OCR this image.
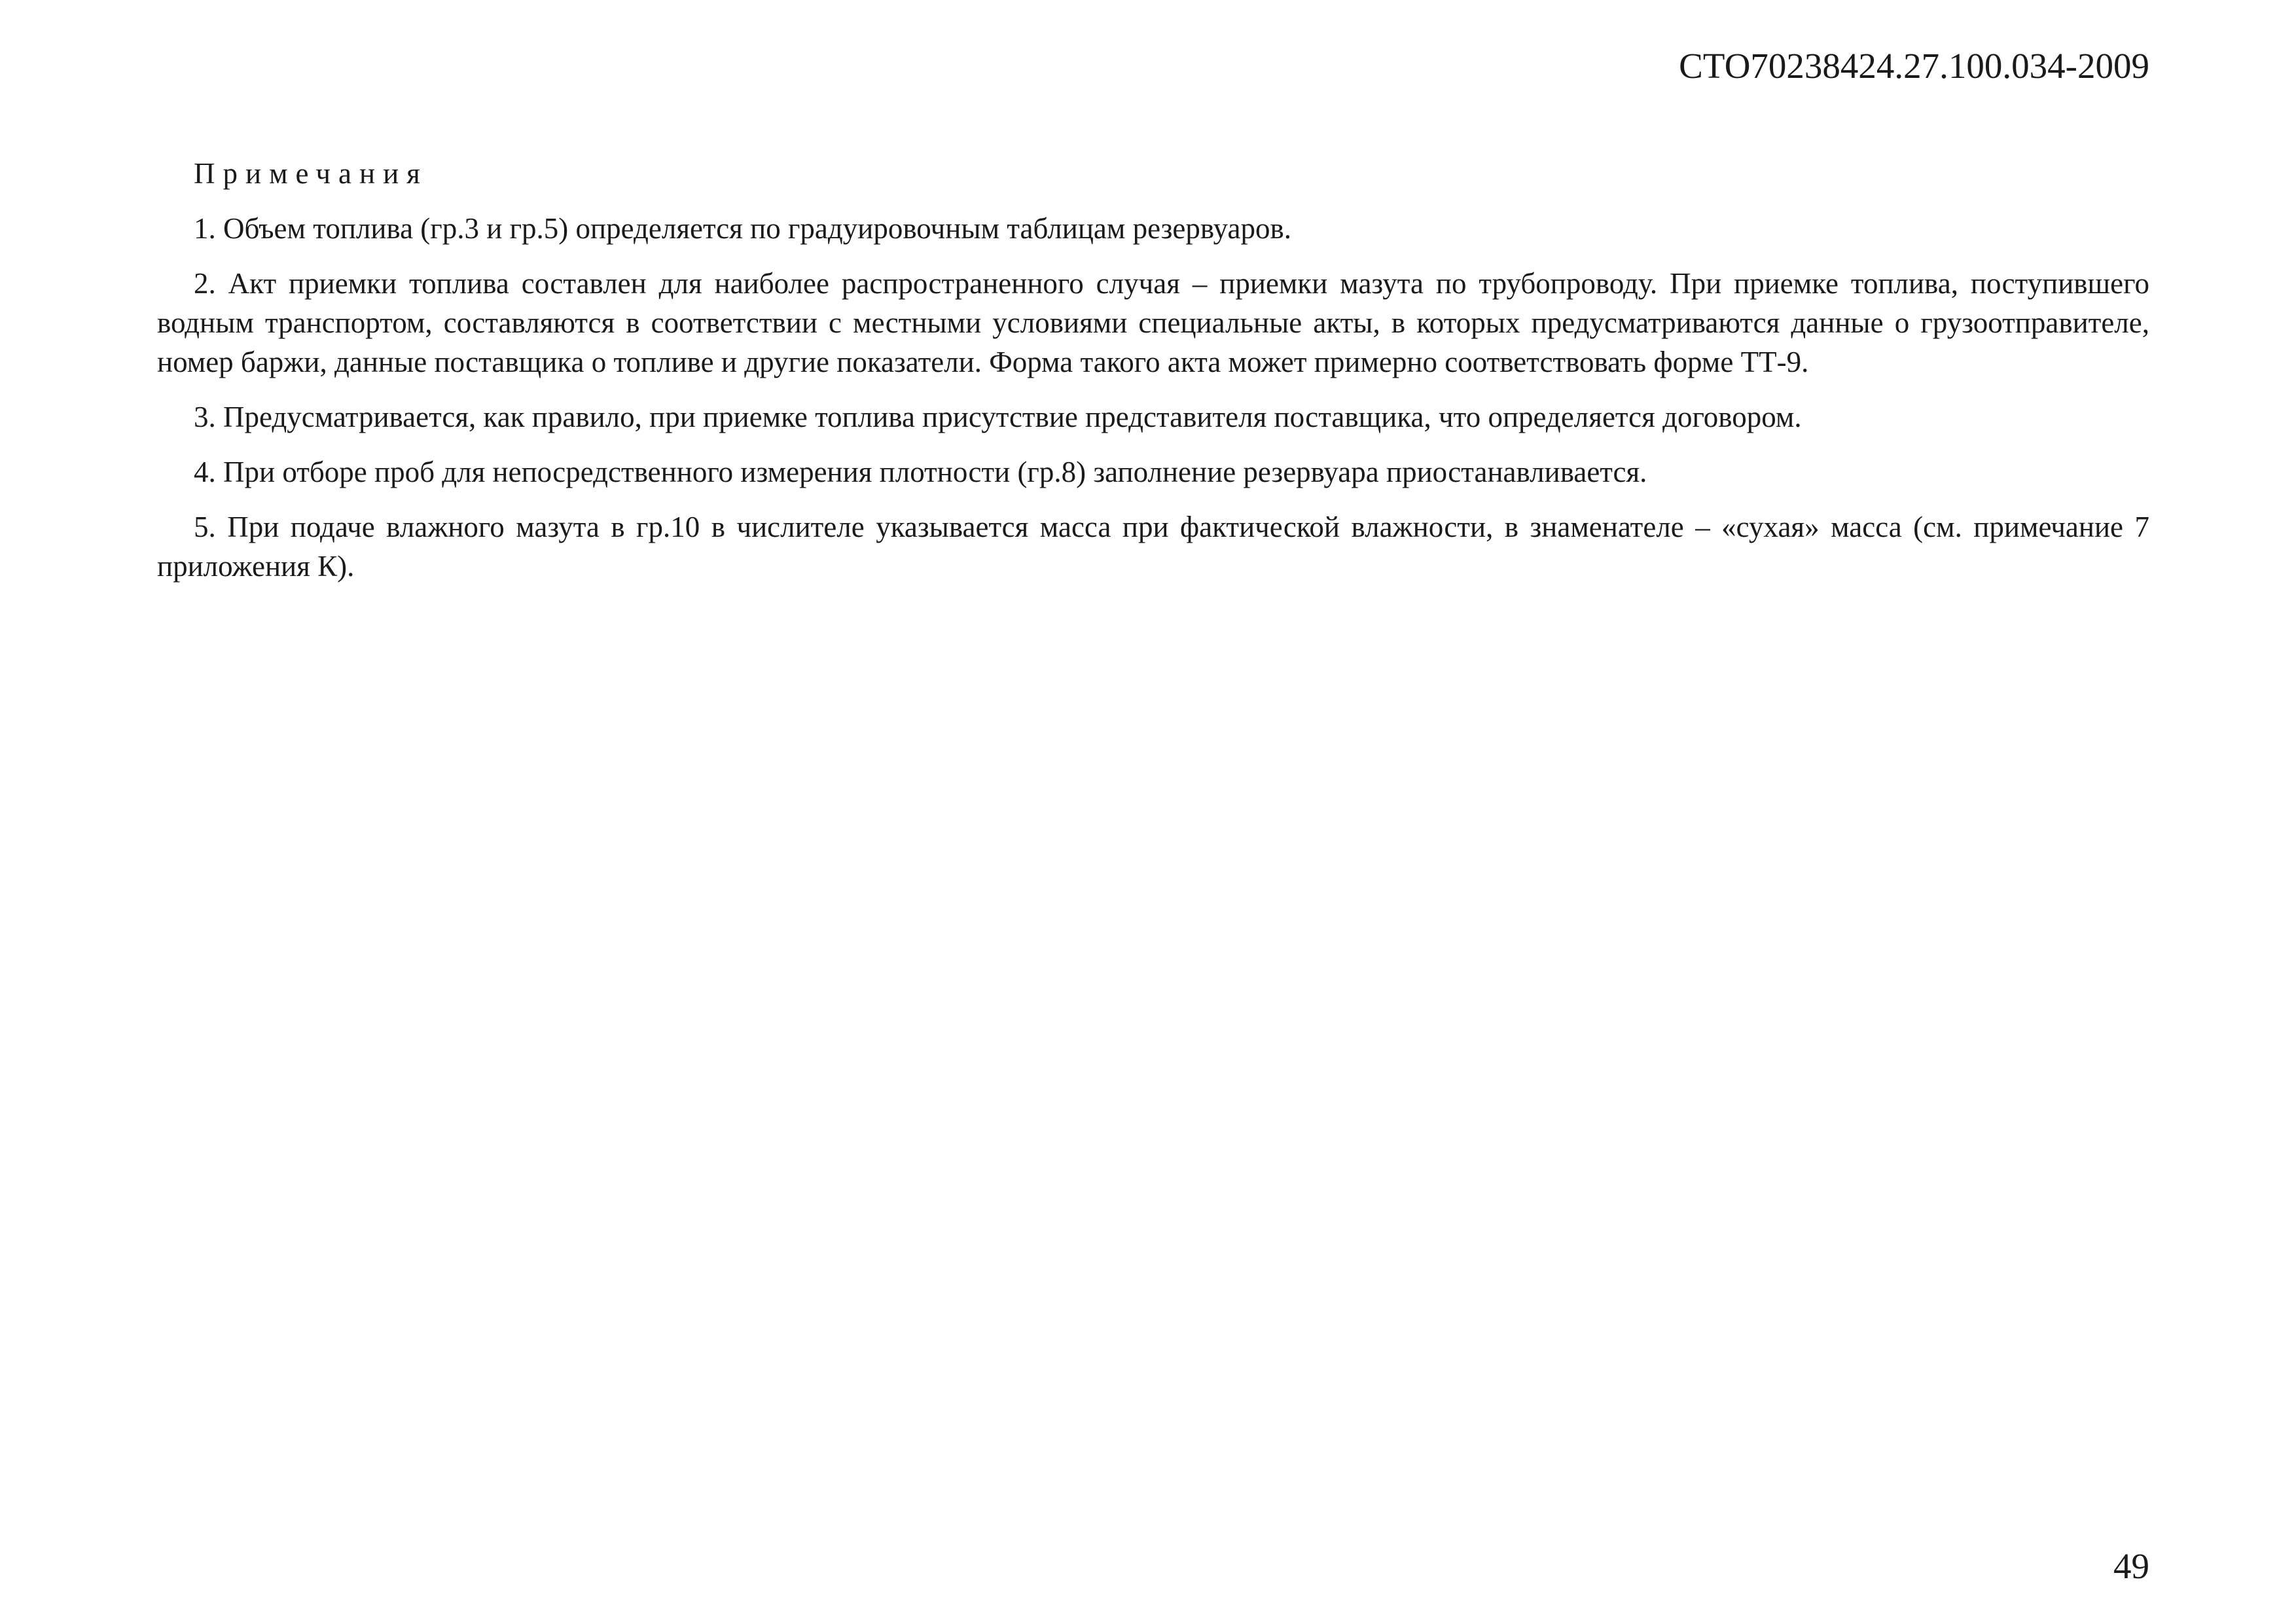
СТО70238424.27.100.034-2009

Примечания

1. Объем топлива (гр.3 и гр.5) определяется по градуировочным таблицам резервуаров.

2. Акт приемки топлива составлен для наиболее распространенного случая – приемки мазута по трубопроводу. При приемке топлива, поступившего водным транспортом, составляются в соответствии с местными условиями специальные акты, в которых предусматриваются данные о грузоотправителе, номер баржи, данные поставщика о топливе и другие показатели. Форма такого акта может примерно соответствовать форме ТТ-9.

3. Предусматривается, как правило, при приемке топлива присутствие представителя поставщика, что определяется договором.

4. При отборе проб для непосредственного измерения плотности (гр.8) заполнение резервуара приостанавливается.

5. При подаче влажного мазута в гр.10 в числителе указывается масса при фактической влажности, в знаменателе – «сухая» масса (см. примечание 7 приложения К).

49
